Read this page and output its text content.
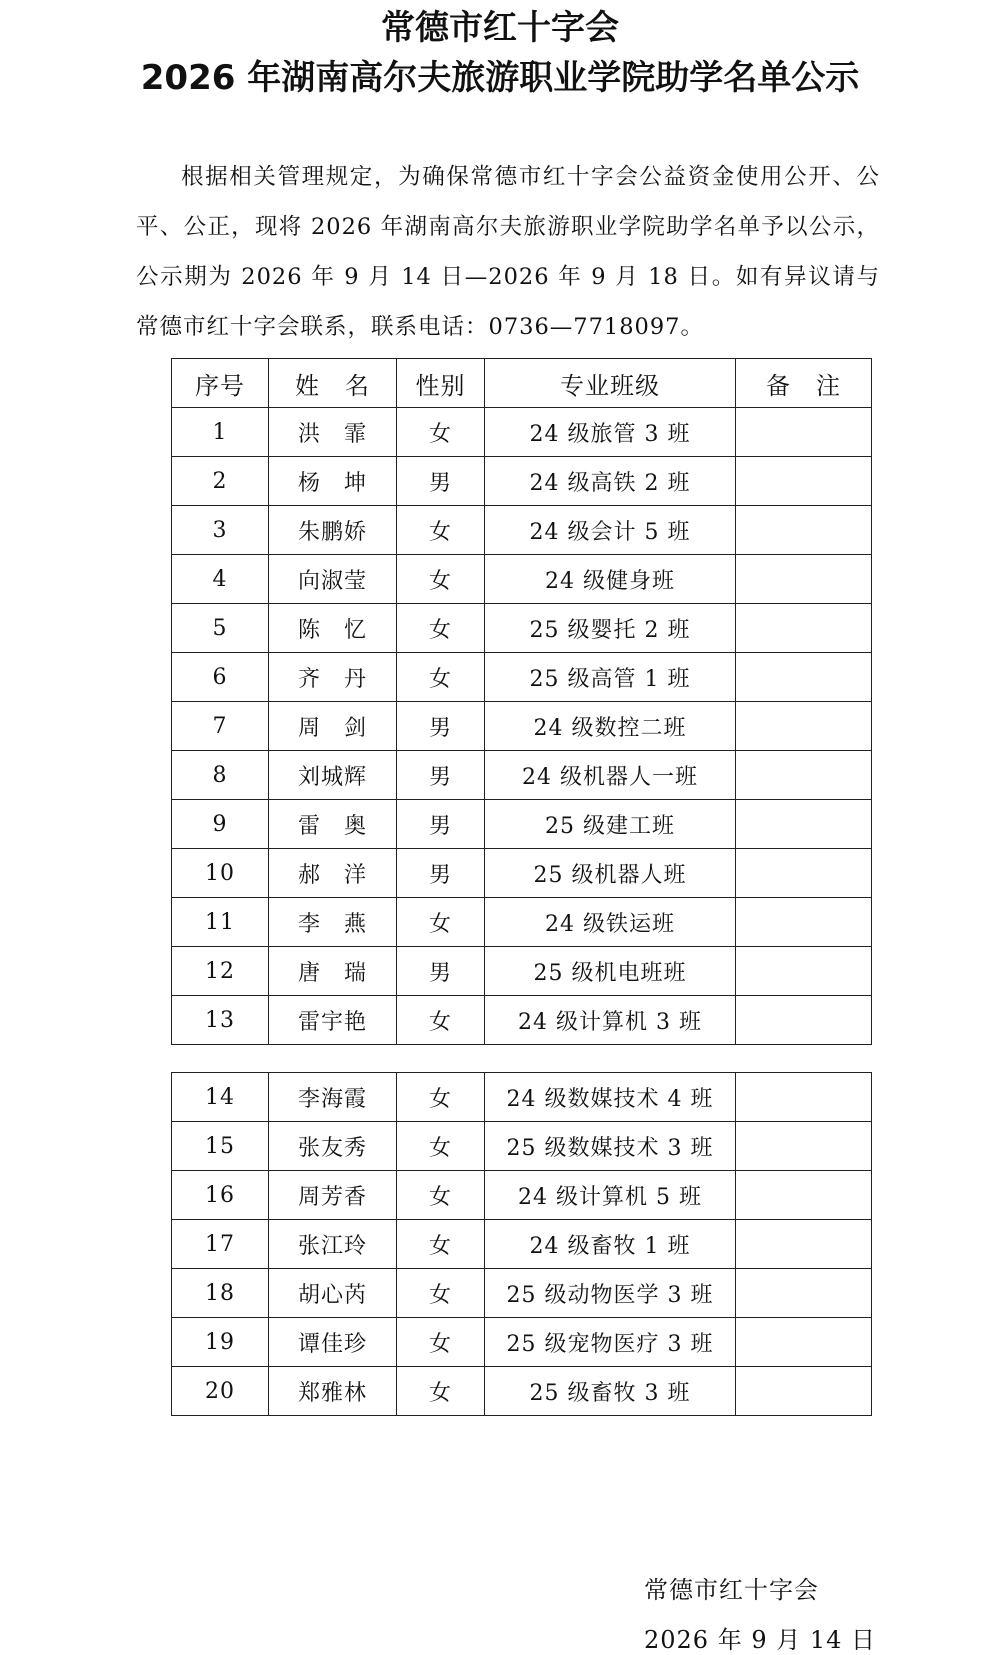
常德市红十字会
2026 年湖南高尔夫旅游职业学院助学名单公示

根据相关管理规定，为确保常德市红十字会公益资金使用公开、公平、公正，现将 2026 年湖南高尔夫旅游职业学院助学名单予以公示，公示期为 2026 年 9 月 14 日—2026 年 9 月 18 日。如有异议请与常德市红十字会联系，联系电话：0736—7718097。

序号	姓　名	性别	专业班级	备　注
1	洪　霏	女	24 级旅管 3 班	
2	杨　坤	男	24 级高铁 2 班	
3	朱鹏娇	女	24 级会计 5 班	
4	向淑莹	女	24 级健身班	
5	陈　忆	女	25 级婴托 2 班	
6	齐　丹	女	25 级高管 1 班	
7	周　剑	男	24 级数控二班	
8	刘城辉	男	24 级机器人一班	
9	雷　奥	男	25 级建工班	
10	郝　洋	男	25 级机器人班	
11	李　燕	女	24 级铁运班	
12	唐　瑞	男	25 级机电班班	
13	雷宇艳	女	24 级计算机 3 班	
14	李海霞	女	24 级数媒技术 4 班	
15	张友秀	女	25 级数媒技术 3 班	
16	周芳香	女	24 级计算机 5 班	
17	张江玲	女	24 级畜牧 1 班	
18	胡心芮	女	25 级动物医学 3 班	
19	谭佳珍	女	25 级宠物医疗 3 班	
20	郑雅林	女	25 级畜牧 3 班	

常德市红十字会

2026 年 9 月 14 日
